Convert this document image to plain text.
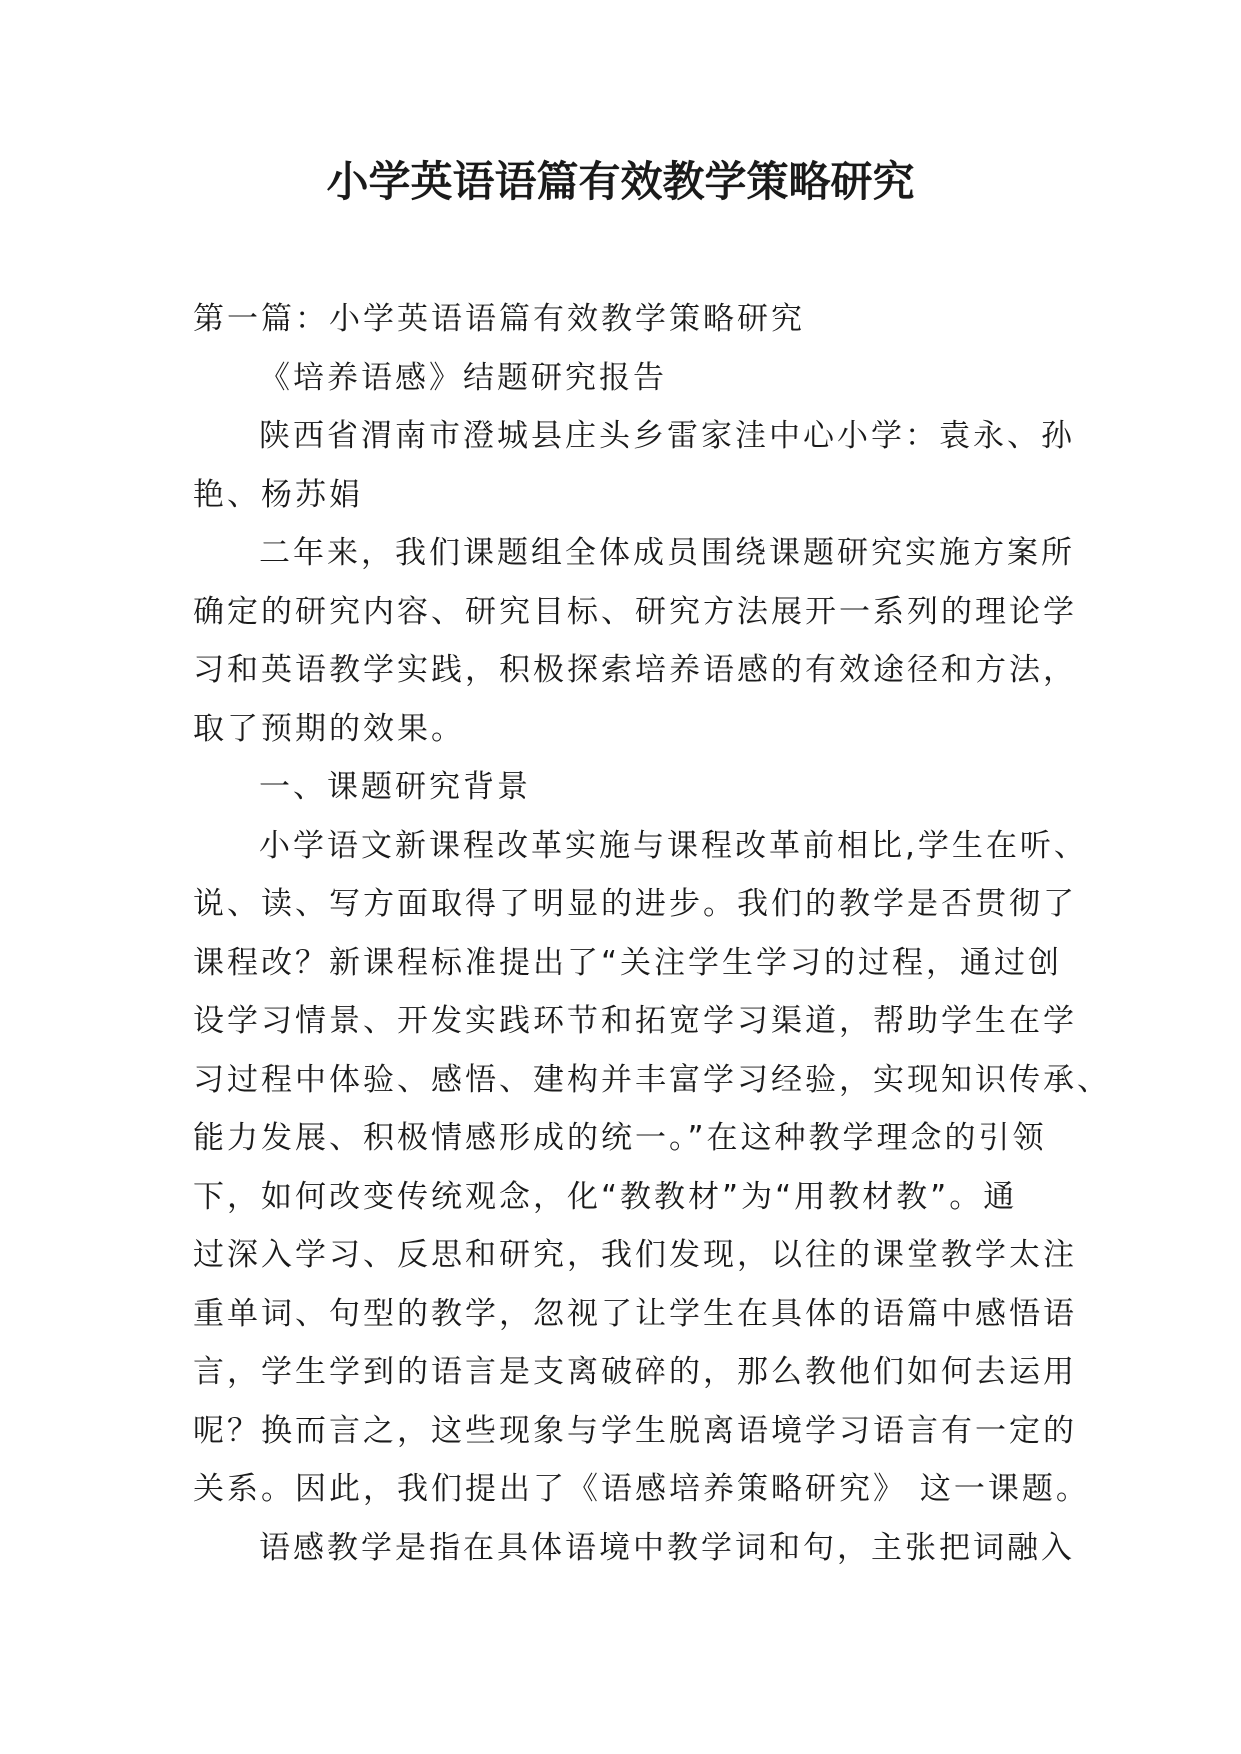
小学英语语篇有效教学策略研究
第一篇：小学英语语篇有效教学策略研究
《培养语感》结题研究报告
陕西省渭南市澄城县庄头乡雷家洼中心小学：袁永、孙
艳、杨苏娟
二年来，我们课题组全体成员围绕课题研究实施方案所
确定的研究内容、研究目标、研究方法展开一系列的理论学
习和英语教学实践，积极探索培养语感的有效途径和方法，
取了预期的效果。
一、课题研究背景
小学语文新课程改革实施与课程改革前相比,学生在听、
说、读、写方面取得了明显的进步。我们的教学是否贯彻了
课程改？新课程标准提出了“关注学生学习的过程，通过创
设学习情景、开发实践环节和拓宽学习渠道，帮助学生在学
习过程中体验、感悟、建构并丰富学习经验，实现知识传承、
能力发展、积极情感形成的统一。”在这种教学理念的引领
下，如何改变传统观念，化“教教材”为“用教材教”。通
过深入学习、反思和研究，我们发现，以往的课堂教学太注
重单词、句型的教学，忽视了让学生在具体的语篇中感悟语
言，学生学到的语言是支离破碎的，那么教他们如何去运用
呢？换而言之，这些现象与学生脱离语境学习语言有一定的
关系。因此，我们提出了《语感培养策略研究》 这一课题。
语感教学是指在具体语境中教学词和句，主张把词融入
